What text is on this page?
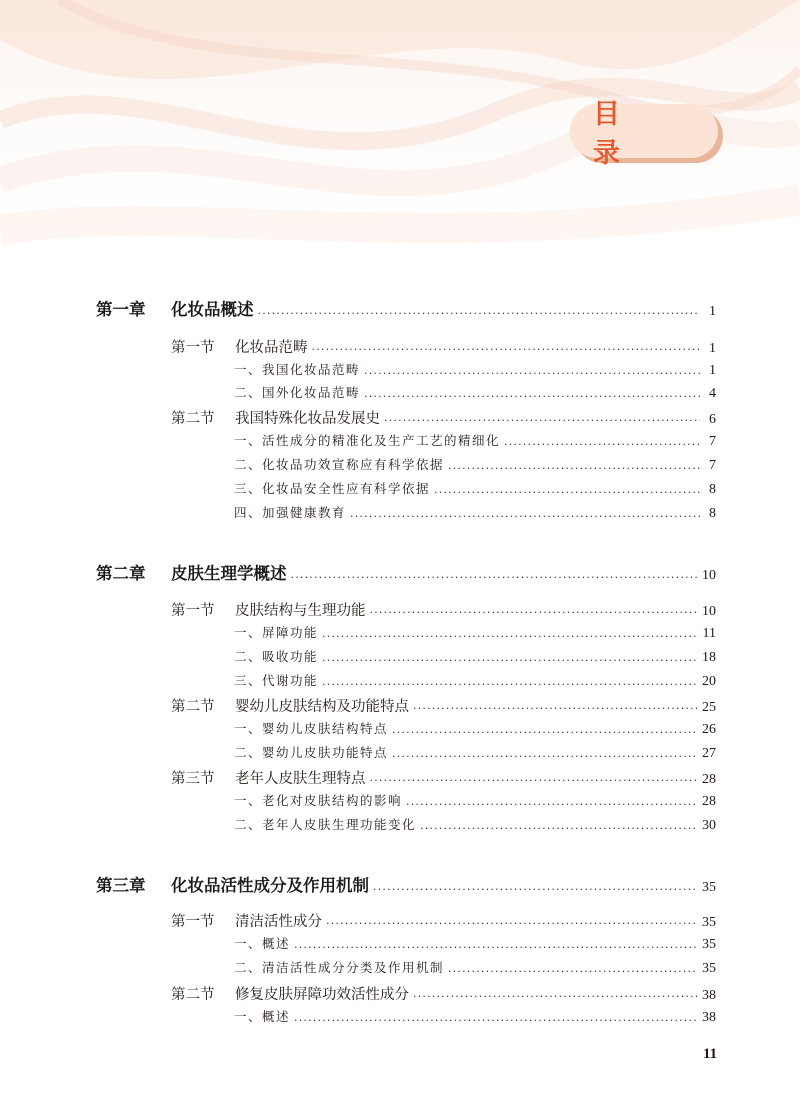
目　录
第一章 化妆品概述 ·····	1
第一节 化妆品范畴 ·····	1
一、我国化妆品范畴 ·····	1
二、国外化妆品范畴 ·····	4
第二节 我国特殊化妆品发展史 ·····	6
一、活性成分的精准化及生产工艺的精细化 ·····	7
二、化妆品功效宣称应有科学依据 ·····	7
三、化妆品安全性应有科学依据 ·····	8
四、加强健康教育 ·····	8
第二章 皮肤生理学概述 ·····	10
第一节 皮肤结构与生理功能 ·····	10
一、屏障功能 ·····	11
二、吸收功能 ·····	18
三、代谢功能 ·····	20
第二节 婴幼儿皮肤结构及功能特点 ·····	25
一、婴幼儿皮肤结构特点 ·····	26
二、婴幼儿皮肤功能特点 ·····	27
第三节 老年人皮肤生理特点 ·····	28
一、老化对皮肤结构的影响 ·····	28
二、老年人皮肤生理功能变化 ·····	30
第三章 化妆品活性成分及作用机制 ·····	35
第一节 清洁活性成分 ·····	35
一、概述 ·····	35
二、清洁活性成分分类及作用机制 ·····	35
第二节 修复皮肤屏障功效活性成分 ·····	38
一、概述 ·····	38
11
